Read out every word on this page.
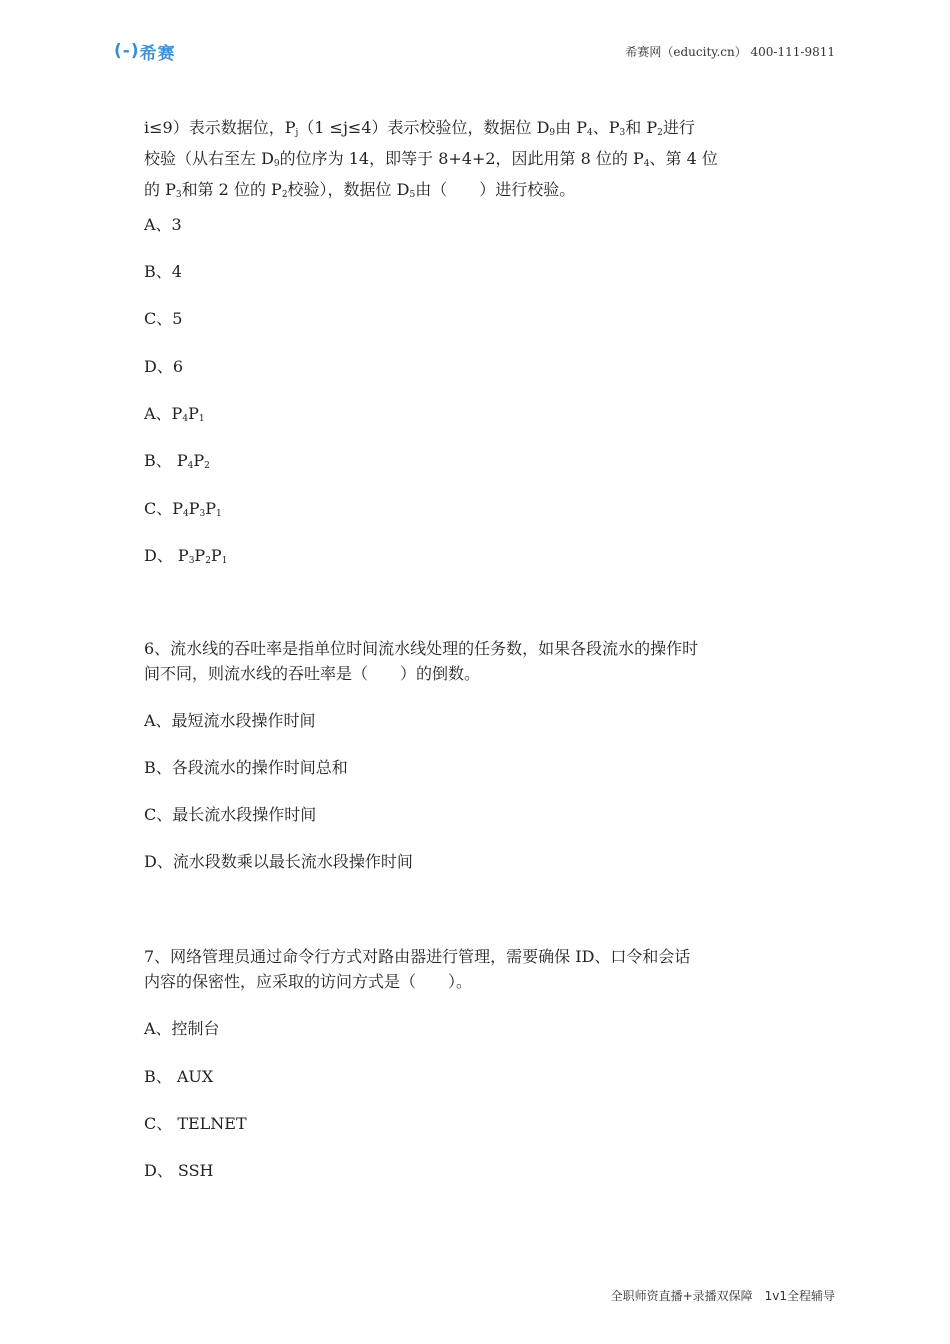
(-) 希赛	希赛网（educity.cn） 400-111-9811
i≤9）表示数据位，$P_j(1 \le j\le 4)$表示校验位，数据位 $D_9$由 $P_4$、$P_3$和 $P_2$进行
校验（从右至左 $D_9$的位序为 14，即等于 8+4+2，因此用第 8 位的 $P_4$、第 4 位
的 $P_3$和第 2 位的 $P_2$校验），数据位 $D_5$由（　　）进行校验。
A、3
B、4
C、5
D、6
A、$P_4P_1$
B、 $P_4P_2$
C、$P_4P_3P_1$
D、 $P_3P_2P_1$
6、流水线的吞吐率是指单位时间流水线处理的任务数，如果各段流水的操作时
间不同，则流水线的吞吐率是（　　）的倒数。
A、最短流水段操作时间
B、各段流水的操作时间总和
C、最长流水段操作时间
D、流水段数乘以最长流水段操作时间
7、网络管理员通过命令行方式对路由器进行管理，需要确保 ID、口令和会话
内容的保密性，应采取的访问方式是（　　）。
A、控制台
B、 AUX
C、 TELNET
D、 SSH
全职师资直播+录播双保障　1v1全程辅导
